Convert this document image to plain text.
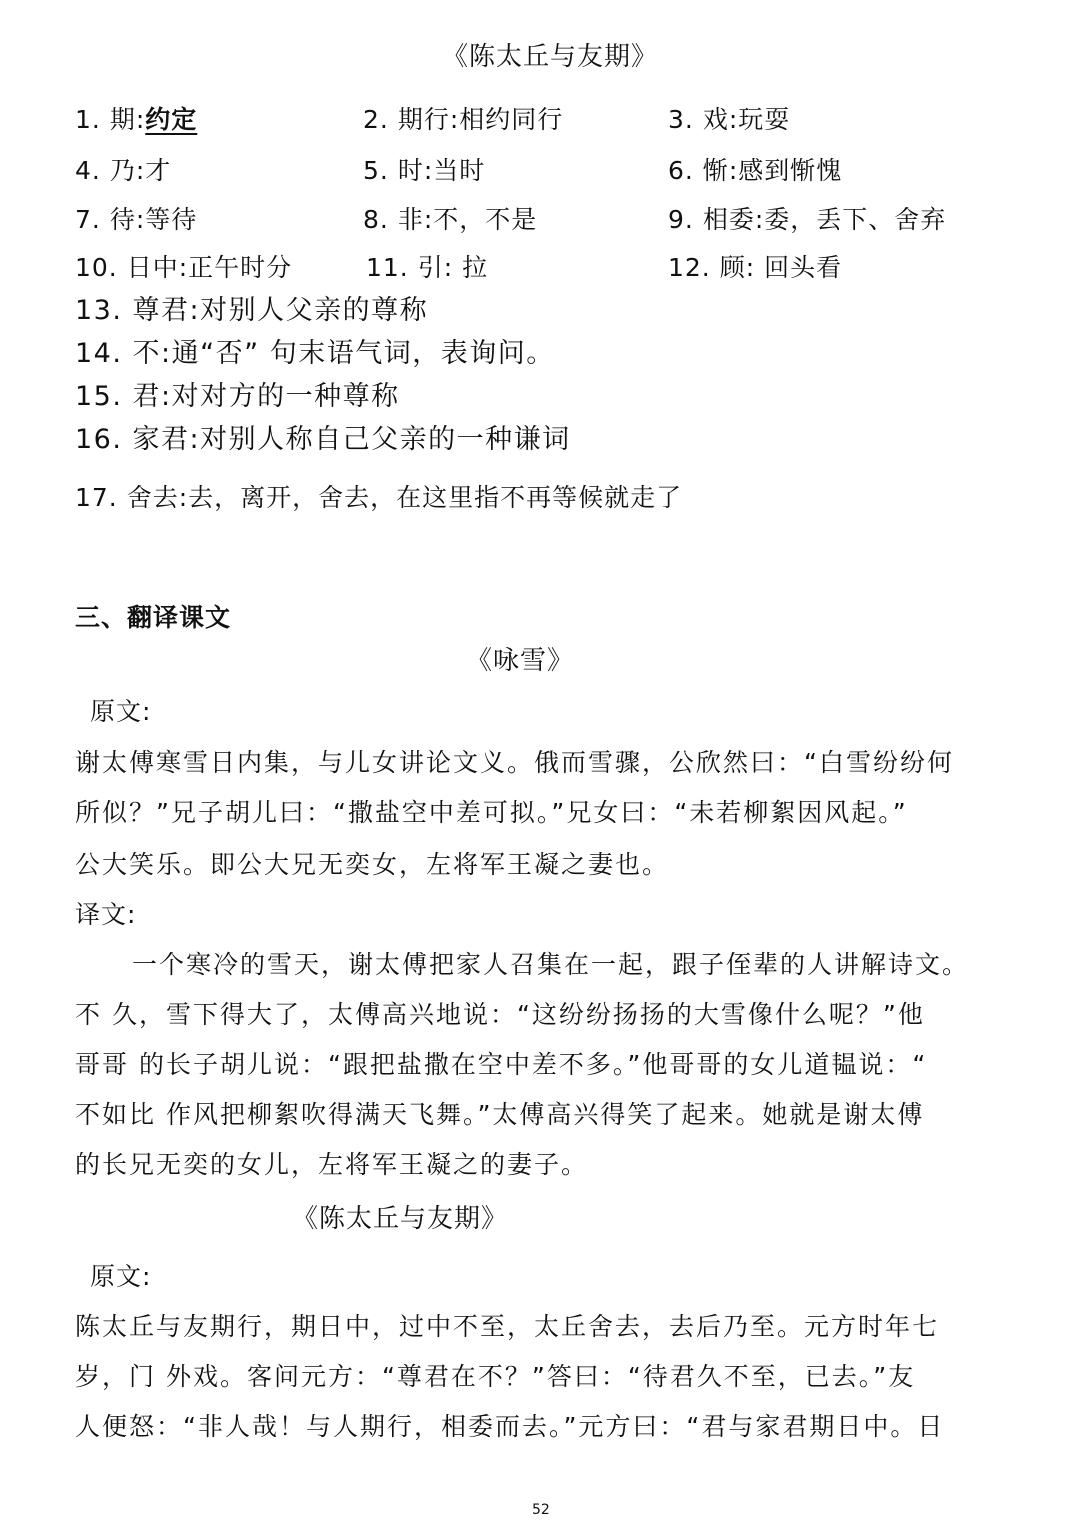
《陈太丘与友期》
1. 期:约定	2. 期行:相约同行	3. 戏:玩耍
4. 乃:才	5. 时:当时	6. 惭:感到惭愧
7. 待:等待	8. 非:不，不是	9. 相委:委，丢下、舍弃
10. 日中:正午时分	11. 引: 拉	12. 顾: 回头看
13. 尊君:对别人父亲的尊称
14. 不:通“否” 句末语气词，表询问。
15. 君:对对方的一种尊称
16. 家君:对别人称自己父亲的一种谦词
17. 舍去:去，离开，舍去，在这里指不再等候就走了
三、翻译课文
《咏雪》
原文:
谢太傅寒雪日内集，与儿女讲论文义。俄而雪骤，公欣然曰：“白雪纷纷何
所似？”兄子胡儿曰：“撒盐空中差可拟。”兄女曰：“未若柳絮因风起。”
公大笑乐。即公大兄无奕女，左将军王凝之妻也。
译文:
一个寒冷的雪天，谢太傅把家人召集在一起，跟子侄辈的人讲解诗文。
不 久，雪下得大了，太傅高兴地说：“这纷纷扬扬的大雪像什么呢？”他
哥哥 的长子胡儿说：“跟把盐撒在空中差不多。”他哥哥的女儿道韫说：“
不如比 作风把柳絮吹得满天飞舞。”太傅高兴得笑了起来。她就是谢太傅
的长兄无奕的女儿，左将军王凝之的妻子。
《陈太丘与友期》
原文:
陈太丘与友期行，期日中，过中不至，太丘舍去，去后乃至。元方时年七
岁，门 外戏。客问元方：“尊君在不？”答曰：“待君久不至，已去。”友
人便怒：“非人哉！与人期行，相委而去。”元方曰：“君与家君期日中。日
52
